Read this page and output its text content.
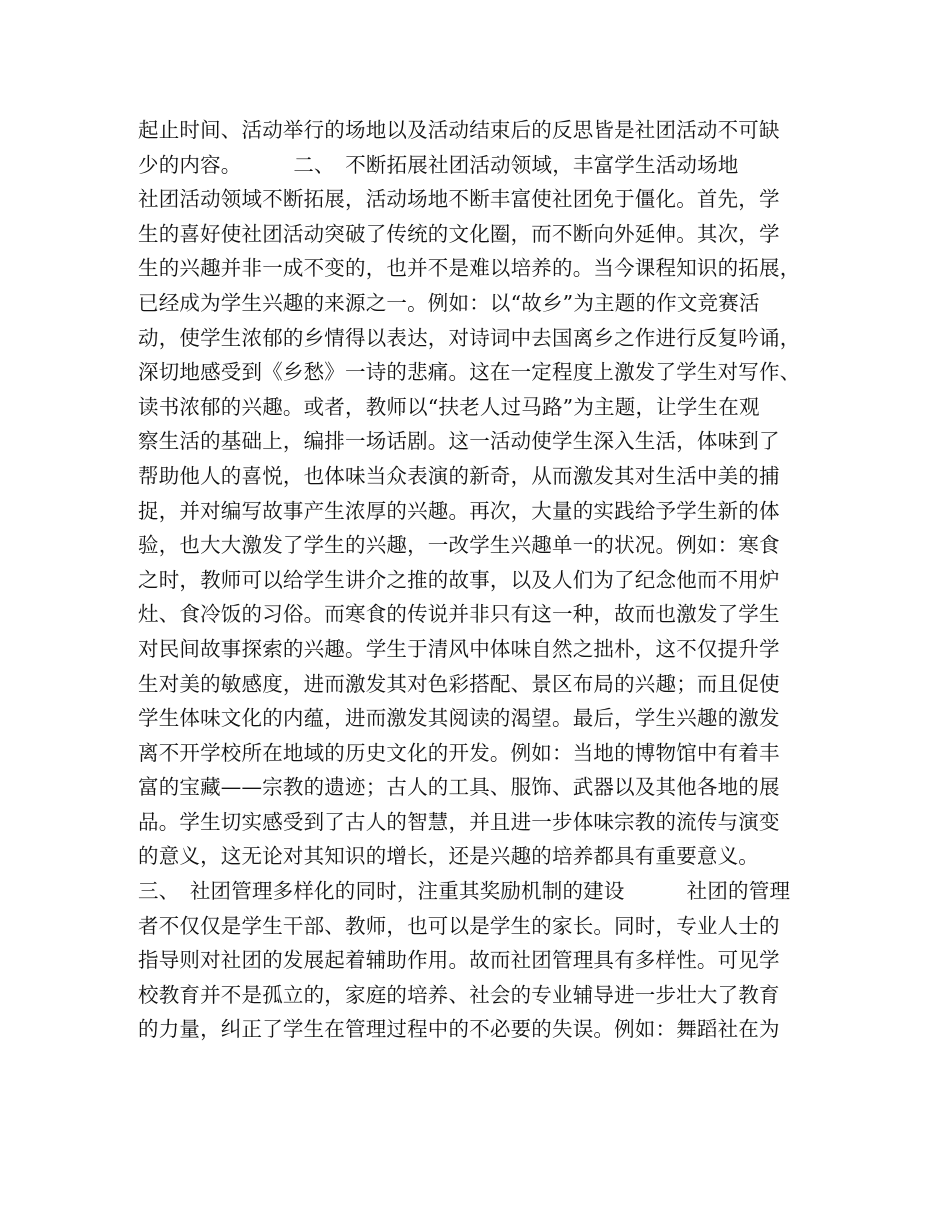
起止时间、活动举行的场地以及活动结束后的反思皆是社团活动不可缺
少的内容。　　　二、　不断拓展社团活动领域，丰富学生活动场地
社团活动领域不断拓展，活动场地不断丰富使社团免于僵化。首先，学
生的喜好使社团活动突破了传统的文化圈，而不断向外延伸。其次，学
生的兴趣并非一成不变的，也并不是难以培养的。当今课程知识的拓展，
已经成为学生兴趣的来源之一。例如：以“故乡”为主题的作文竞赛活
动，使学生浓郁的乡情得以表达，对诗词中去国离乡之作进行反复吟诵，
深切地感受到《乡愁》一诗的悲痛。这在一定程度上激发了学生对写作、
读书浓郁的兴趣。或者，教师以“扶老人过马路”为主题，让学生在观
察生活的基础上，编排一场话剧。这一活动使学生深入生活，体味到了
帮助他人的喜悦，也体味当众表演的新奇，从而激发其对生活中美的捕
捉，并对编写故事产生浓厚的兴趣。再次，大量的实践给予学生新的体
验，也大大激发了学生的兴趣，一改学生兴趣单一的状况。例如：寒食
之时，教师可以给学生讲介之推的故事，以及人们为了纪念他而不用炉
灶、食冷饭的习俗。而寒食的传说并非只有这一种，故而也激发了学生
对民间故事探索的兴趣。学生于清风中体味自然之拙朴，这不仅提升学
生对美的敏感度，进而激发其对色彩搭配、景区布局的兴趣；而且促使
学生体味文化的内蕴，进而激发其阅读的渴望。最后，学生兴趣的激发
离不开学校所在地域的历史文化的开发。例如：当地的博物馆中有着丰
富的宝藏——宗教的遗迹；古人的工具、服饰、武器以及其他各地的展
品。学生切实感受到了古人的智慧，并且进一步体味宗教的流传与演变
的意义，这无论对其知识的增长，还是兴趣的培养都具有重要意义。
三、　社团管理多样化的同时，注重其奖励机制的建设　　　社团的管理
者不仅仅是学生干部、教师，也可以是学生的家长。同时，专业人士的
指导则对社团的发展起着辅助作用。故而社团管理具有多样性。可见学
校教育并不是孤立的，家庭的培养、社会的专业辅导进一步壮大了教育
的力量，纠正了学生在管理过程中的不必要的失误。例如：舞蹈社在为
